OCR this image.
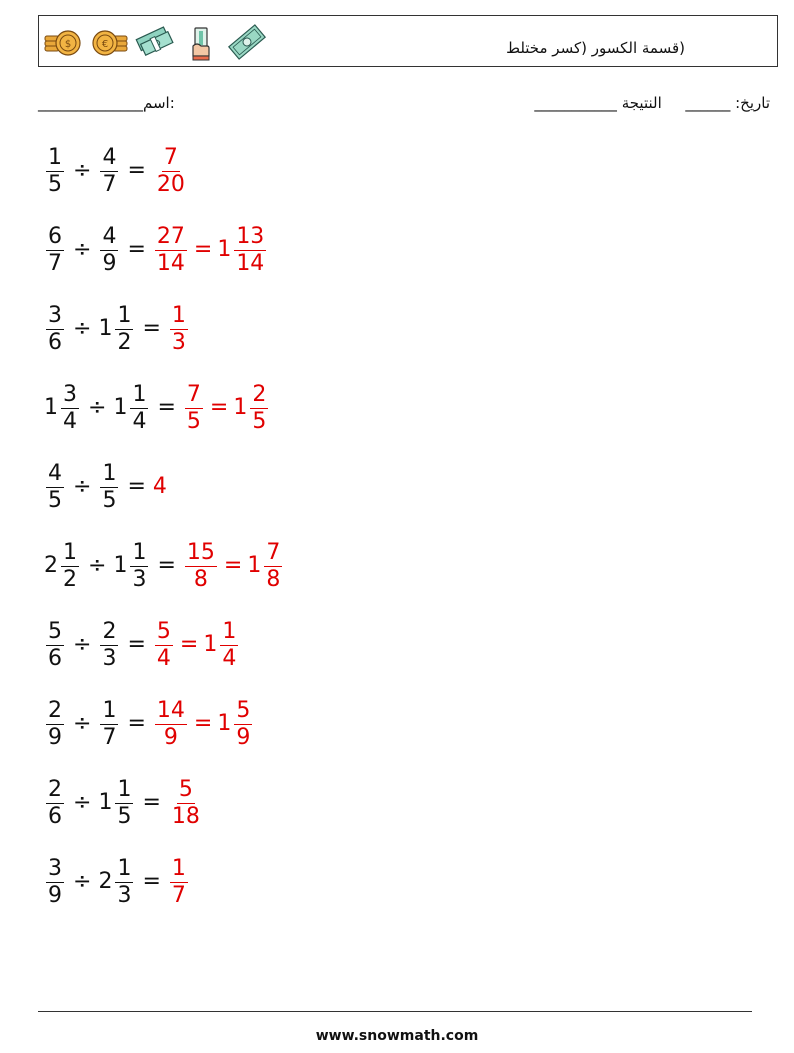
$	€	(قسمة الكسور (كسر مختلط
تاريخ: ______  النتيجة ___________
______________اسم:
$\frac{1}{5} \div \frac{4}{7} = \frac{7}{20}$
$\frac{6}{7} \div \frac{4}{9} = \frac{27}{14} = 1 \frac{13}{14}$
$\frac{3}{6} \div 1 \frac{1}{2} = \frac{1}{3}$
$1 \frac{3}{4} \div 1 \frac{1}{4} = \frac{7}{5} = 1 \frac{2}{5}$
$\frac{4}{5} \div \frac{1}{5} = 4$
$2 \frac{1}{2} \div 1 \frac{1}{3} = \frac{15}{8} = 1 \frac{7}{8}$
$\frac{5}{6} \div \frac{2}{3} = \frac{5}{4} = 1 \frac{1}{4}$
$\frac{2}{9} \div \frac{1}{7} = \frac{14}{9} = 1 \frac{5}{9}$
$\frac{2}{6} \div 1 \frac{1}{5} = \frac{5}{18}$
$\frac{3}{9} \div 2 \frac{1}{3} = \frac{1}{7}$
www.snowmath.com
